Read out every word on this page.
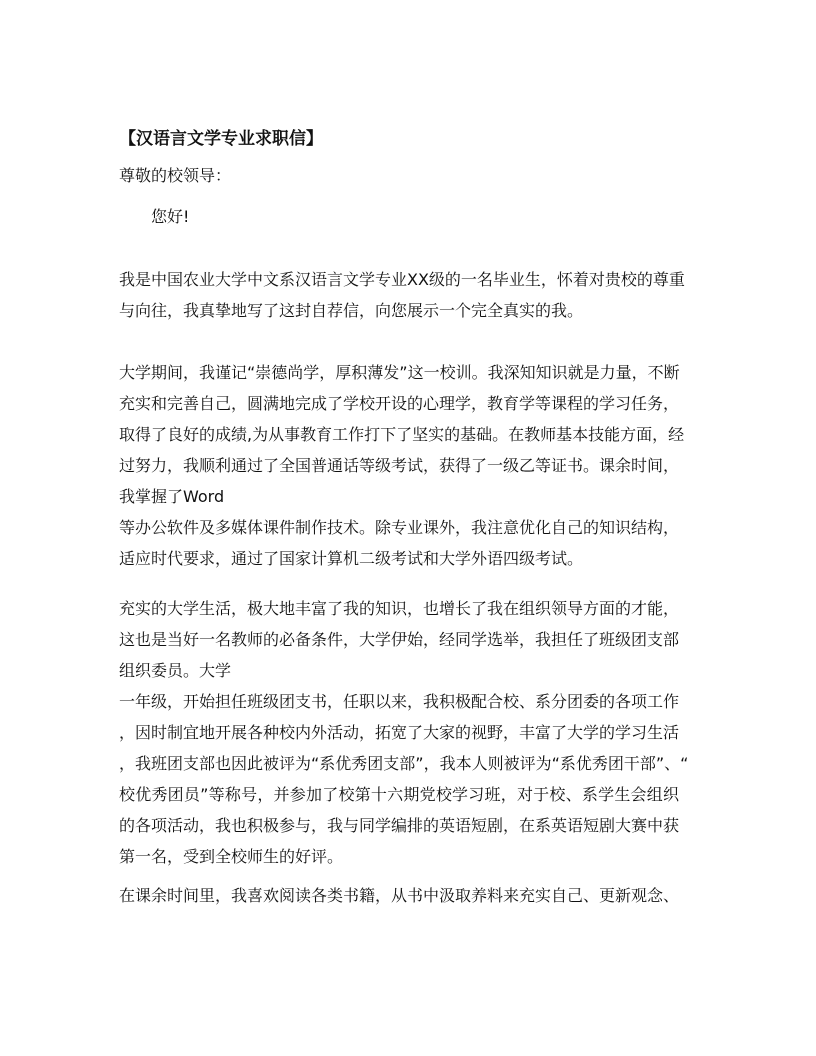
【汉语言文学专业求职信】
尊敬的校领导：
您好!
我是中国农业大学中文系汉语言文学专业XX级的一名毕业生，怀着对贵校的尊重
与向往，我真挚地写了这封自荐信，向您展示一个完全真实的我。
大学期间，我谨记“崇德尚学，厚积薄发”这一校训。我深知知识就是力量，不断
充实和完善自己，圆满地完成了学校开设的心理学，教育学等课程的学习任务，
取得了良好的成绩,为从事教育工作打下了坚实的基础。在教师基本技能方面，经
过努力，我顺利通过了全国普通话等级考试，获得了一级乙等证书。课余时间，
我掌握了Word
等办公软件及多媒体课件制作技术。除专业课外，我注意优化自己的知识结构，
适应时代要求，通过了国家计算机二级考试和大学外语四级考试。
充实的大学生活，极大地丰富了我的知识，也增长了我在组织领导方面的才能，
这也是当好一名教师的必备条件，大学伊始，经同学选举，我担任了班级团支部
组织委员。大学
一年级，开始担任班级团支书，任职以来，我积极配合校、系分团委的各项工作
，因时制宜地开展各种校内外活动，拓宽了大家的视野，丰富了大学的学习生活
，我班团支部也因此被评为“系优秀团支部”，我本人则被评为“系优秀团干部”、“
校优秀团员”等称号，并参加了校第十六期党校学习班，对于校、系学生会组织
的各项活动，我也积极参与，我与同学编排的英语短剧，在系英语短剧大赛中获
第一名，受到全校师生的好评。
在课余时间里，我喜欢阅读各类书籍，从书中汲取养料来充实自己、更新观念、
